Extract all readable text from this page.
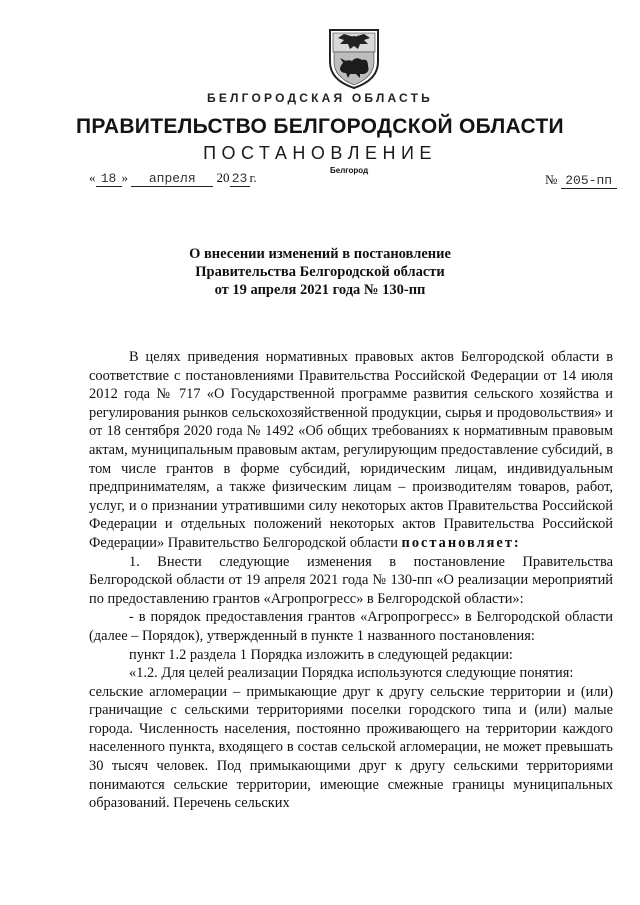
БЕЛГОРОДСКАЯ ОБЛАСТЬ
ПРАВИТЕЛЬСТВО БЕЛГОРОДСКОЙ ОБЛАСТИ
ПОСТАНОВЛЕНИЕ
« 18 » апреля 20 23 г.	Белгород
№ 205-пп
О внесении изменений в постановление
Правительства Белгородской области
от 19 апреля 2021 года № 130-пп

В целях приведения нормативных правовых актов Белгородской области в соответствие с постановлениями Правительства Российской Федерации от 14 июля 2012 года № 717 «О Государственной программе развития сельского хозяйства и регулирования рынков сельскохозяйственной продукции, сырья и продовольствия» и от 18 сентября 2020 года № 1492 «Об общих требованиях к нормативным правовым актам, муниципальным правовым актам, регулирующим предоставление субсидий, в том числе грантов в форме субсидий, юридическим лицам, индивидуальным предпринимателям, а также физическим лицам – производителям товаров, работ, услуг, и о признании утратившими силу некоторых актов Правительства Российской Федерации и отдельных положений некоторых актов Правительства Российской Федерации» Правительство Белгородской области постановляет:

1. Внести следующие изменения в постановление Правительства Белгородской области от 19 апреля 2021 года № 130-пп «О реализации мероприятий по предоставлению грантов «Агропрогресс» в Белгородской области»:

- в порядок предоставления грантов «Агропрогресс» в Белгородской области (далее – Порядок), утвержденный в пункте 1 названного постановления:

пункт 1.2 раздела 1 Порядка изложить в следующей редакции:

«1.2. Для целей реализации Порядка используются следующие понятия:

сельские агломерации – примыкающие друг к другу сельские территории и (или) граничащие с сельскими территориями поселки городского типа и (или) малые города. Численность населения, постоянно проживающего на территории каждого населенного пункта, входящего в состав сельской агломерации, не может превышать 30 тысяч человек. Под примыкающими друг к другу сельскими территориями понимаются сельские территории, имеющие смежные границы муниципальных образований. Перечень сельских
